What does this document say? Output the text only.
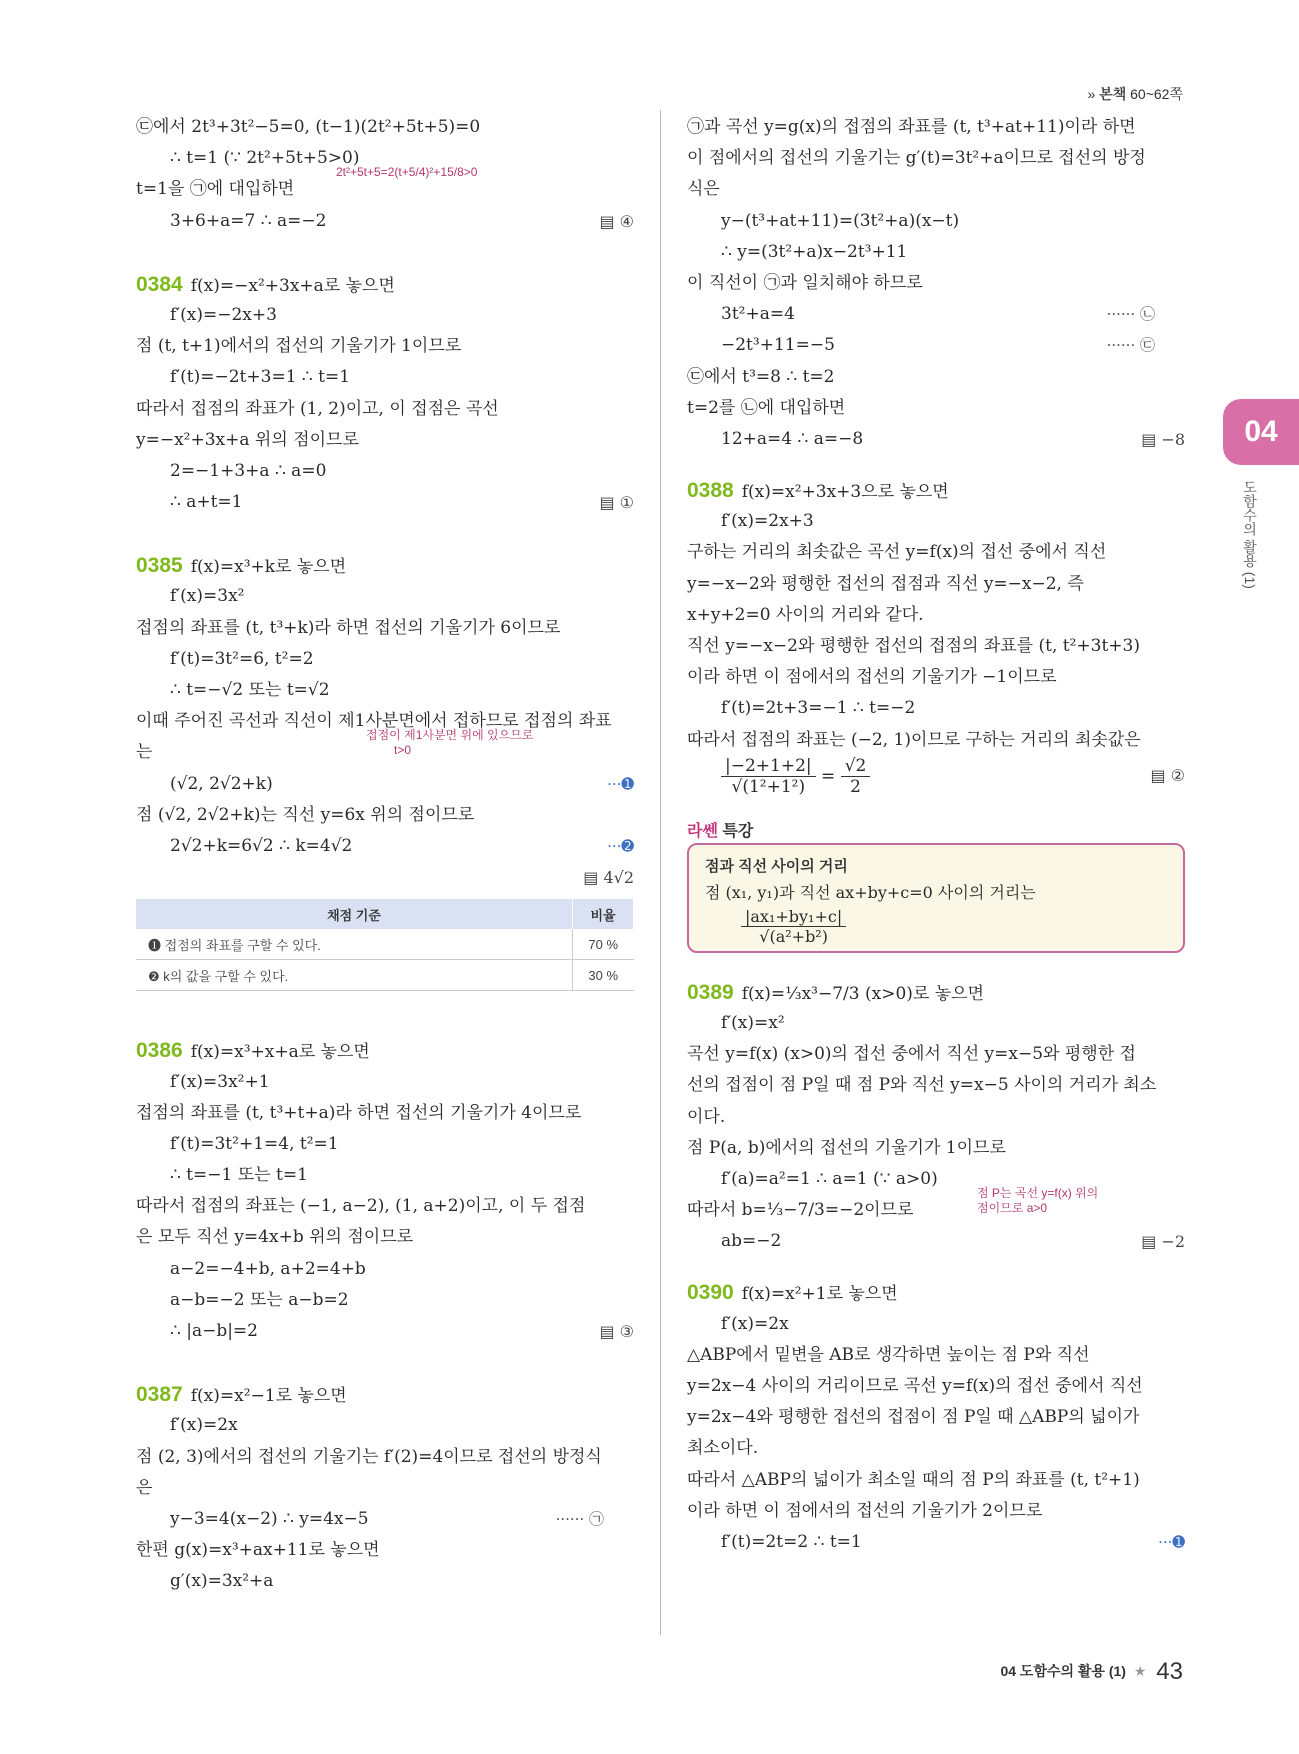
» 본책 60~62쪽
㉢에서 2t³+3t²−5=0, (t−1)(2t²+5t+5)=0
∴ t=1 (∵ 2t²+5t+5>0)
2t²+5t+5=2(t+5/4)²+15/8>0
t=1을 ㉠에 대입하면
3+6+a=7 ∴ a=−2	▤ ④
0384 f(x)=−x²+3x+a로 놓으면
f′(x)=−2x+3
점 (t, t+1)에서의 접선의 기울기가 1이므로
f′(t)=−2t+3=1 ∴ t=1
따라서 접점의 좌표가 (1, 2)이고, 이 접점은 곡선
y=−x²+3x+a 위의 점이므로
2=−1+3+a ∴ a=0
∴ a+t=1	▤ ①
0385 f(x)=x³+k로 놓으면
f′(x)=3x²
접점의 좌표를 (t, t³+k)라 하면 접선의 기울기가 6이므로
f′(t)=3t²=6, t²=2
∴ t=−√2 또는 t=√2
이때 주어진 곡선과 직선이 제1사분면에서 접하므로 접점의 좌표
접점이 제1사분면 위에 있으므로
t>0
는
(√2, 2√2+k)	···➊
점 (√2, 2√2+k)는 직선 y=6x 위의 점이므로
2√2+k=6√2 ∴ k=4√2	···➋
▤ 4√2
채점 기준	비율
❶ 접점의 좌표를 구할 수 있다.	70 %
❷ k의 값을 구할 수 있다.	30 %
0386 f(x)=x³+x+a로 놓으면
f′(x)=3x²+1
접점의 좌표를 (t, t³+t+a)라 하면 접선의 기울기가 4이므로
f′(t)=3t²+1=4, t²=1
∴ t=−1 또는 t=1
따라서 접점의 좌표는 (−1, a−2), (1, a+2)이고, 이 두 접점
은 모두 직선 y=4x+b 위의 점이므로
a−2=−4+b, a+2=4+b
a−b=−2 또는 a−b=2
∴ |a−b|=2	▤ ③
0387 f(x)=x²−1로 놓으면
f′(x)=2x
점 (2, 3)에서의 접선의 기울기는 f′(2)=4이므로 접선의 방정식
은
y−3=4(x−2) ∴ y=4x−5	······ ㉠
한편 g(x)=x³+ax+11로 놓으면
g′(x)=3x²+a
㉠과 곡선 y=g(x)의 접점의 좌표를 (t, t³+at+11)이라 하면
이 점에서의 접선의 기울기는 g′(t)=3t²+a이므로 접선의 방정
식은
y−(t³+at+11)=(3t²+a)(x−t)
∴ y=(3t²+a)x−2t³+11
이 직선이 ㉠과 일치해야 하므로
3t²+a=4	······ ㉡
−2t³+11=−5	······ ㉢
㉢에서 t³=8 ∴ t=2
t=2를 ㉡에 대입하면
12+a=4 ∴ a=−8	▤ −8
0388 f(x)=x²+3x+3으로 놓으면
f′(x)=2x+3
구하는 거리의 최솟값은 곡선 y=f(x)의 접선 중에서 직선
y=−x−2와 평행한 접선의 접점과 직선 y=−x−2, 즉
x+y+2=0 사이의 거리와 같다.
직선 y=−x−2와 평행한 접선의 접점의 좌표를 (t, t²+3t+3)
이라 하면 이 점에서의 접선의 기울기가 −1이므로
f′(t)=2t+3=−1 ∴ t=−2
따라서 접점의 좌표는 (−2, 1)이므로 구하는 거리의 최솟값은
$\frac{|-2+1+2|}{\text{√(1²+1²)}} = \frac{√2}{2}$	▤ ②
라쎈 특강
점과 직선 사이의 거리
점 (x₁, y₁)과 직선 ax+by+c=0 사이의 거리는
$\frac{\text{|ax₁+by₁+c|}}{\text{√(a²+b²)}}$
0389 f(x)=⅓x³−7/3 (x>0)로 놓으면
f′(x)=x²
곡선 y=f(x) (x>0)의 접선 중에서 직선 y=x−5와 평행한 접
선의 접점이 점 P일 때 점 P와 직선 y=x−5 사이의 거리가 최소
이다.
점 P(a, b)에서의 접선의 기울기가 1이므로
f′(a)=a²=1 ∴ a=1 (∵ a>0)
점 P는 곡선 y=f(x) 위의
점이므로 a>0
따라서 b=⅓−7/3=−2이므로
ab=−2	▤ −2
0390 f(x)=x²+1로 놓으면
f′(x)=2x
△ABP에서 밑변을 AB로 생각하면 높이는 점 P와 직선
y=2x−4 사이의 거리이므로 곡선 y=f(x)의 접선 중에서 직선
y=2x−4와 평행한 접선의 접점이 점 P일 때 △ABP의 넓이가
최소이다.
따라서 △ABP의 넓이가 최소일 때의 점 P의 좌표를 (t, t²+1)
이라 하면 이 점에서의 접선의 기울기가 2이므로
f′(t)=2t=2 ∴ t=1	···➊
04
도함수의 활용 (1)
04 도함수의 활용 (1) ★ 43
